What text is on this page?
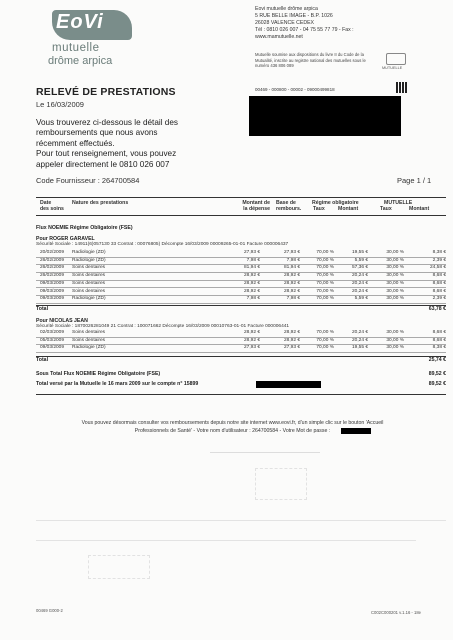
EoVi
mutuelle
drôme arpica
Eovi mutuelle drôme arpica
5 RUE BELLE IMAGE - B.P. 1026
26028 VALENCE CEDEX
Tél : 0810 026 007 - 04 75 55 77 79 - Fax :
www.mamutuelle.net
Mutuelle soumise aux dispositions du livre II du Code de la Mutualité, inscrite au registre national des mutuelles sous le numéro 436 806 089	MUTUELLE
00469 - 000800 - 00002 - 09000499818
RELEVÉ DE PRESTATIONS
Le 16/03/2009
Vous trouverez ci-dessous le détail des
remboursements que nous avons
récemment effectués.
Pour tout renseignement, vous pouvez
appeler directement le 0810 026 007
Code Fournisseur : 264700584	Page 1 / 1
Date
des soins
Nature des prestations	Montant de
la dépense
Base de
rembours.
Régime obligatoire
Taux	Montant
MUTUELLE
Taux	Montant
Flux NOEMIE Régime Obligatoire (FSE)
Pour ROGER GARAVEL
Sécurité Sociale : 14911(6)057130 33 Contrat : 00076805) Décompte 16/03/2009 00009265-01-01 Facture 000006437
20/02/2009	Radiologie (ZD)	27,93 €	27,93 €	70,00 %	19,55 €	30,00 %	8,38 €
26/02/2009	Radiologie (ZD)	7,98 €	7,98 €	70,00 %	5,59 €	30,00 %	2,39 €
26/02/2009	Soins dentaires	81,94 €	81,94 €	70,00 %	57,36 €	30,00 %	24,58 €
26/02/2009	Soins dentaires	28,92 €	28,92 €	70,00 %	20,24 €	30,00 %	8,68 €
09/03/2009	Soins dentaires	28,92 €	28,92 €	70,00 %	20,24 €	30,00 %	8,68 €
09/03/2009	Soins dentaires	28,92 €	28,92 €	70,00 %	20,24 €	30,00 %	8,68 €
09/03/2009	Radiologie (ZD)	7,98 €	7,98 €	70,00 %	5,59 €	30,00 %	2,39 €
Total	63,78 €
Pour NICOLAS JEAN
Sécurité Sociale : 1870026281049 21 Contrat : 100071662 Décompte 16/03/2009 00010763-01-01 Facture 000006441
02/03/2009	Soins dentaires	28,92 €	28,92 €	70,00 %	20,24 €	30,00 %	8,68 €
05/03/2009	Soins dentaires	28,92 €	28,92 €	70,00 %	20,24 €	30,00 %	8,68 €
09/03/2009	Radiologie (ZD)	27,93 €	27,93 €	70,00 %	19,55 €	30,00 %	8,38 €
Total	25,74 €
Sous Total Flux NOEMIE Régime Obligatoire (FSE)	89,52 €
Total versé par la Mutuelle le 16 mars 2009 sur le compte n° 15899	89,52 €
Vous pouvez désormais consulter vos remboursements depuis notre site internet www.eovi.fr, d'un simple clic sur le bouton 'Accueil
Professionnels de Santé' - Votre nom d'utilisateur : 264700584 - Votre Mot de passe :
00469 G000-2	C002C000201 v.1.16 - 18e
